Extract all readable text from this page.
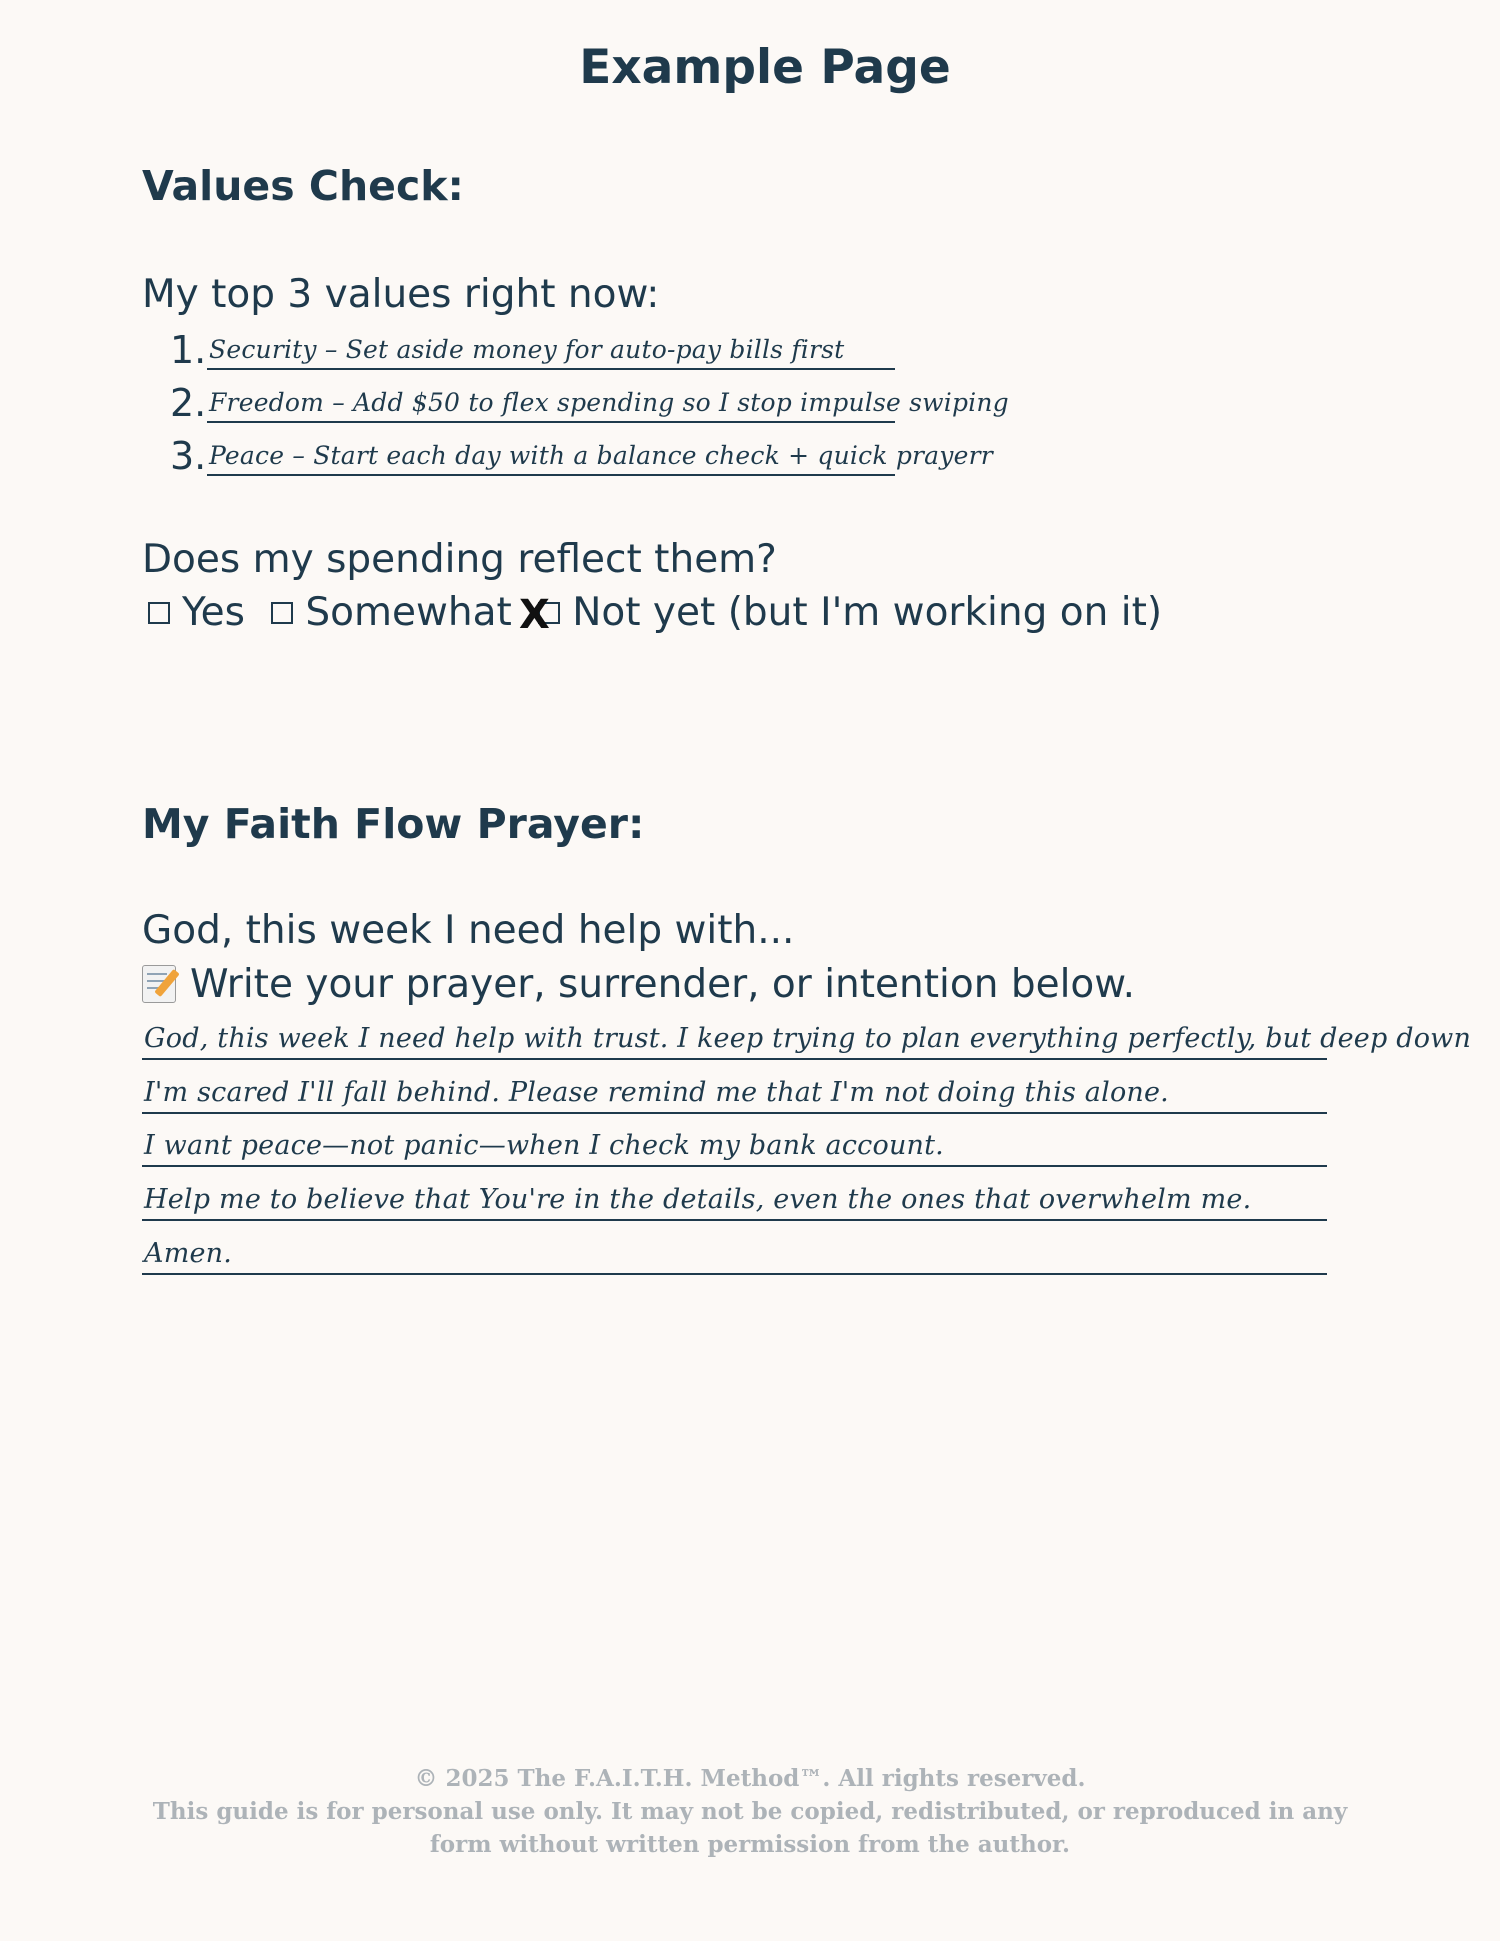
Example Page
Values Check:
My top 3 values right now:
1. Security – Set aside money for auto-pay bills first
2. Freedom – Add $50 to flex spending so I stop impulse swiping
3. Peace – Start each day with a balance check + quick prayerr
Does my spending reflect them?
Yes Somewhat Not yet (but I'm working on it)
X
My Faith Flow Prayer:
God, this week I need help with...
Write your prayer, surrender, or intention below.
God, this week I need help with trust. I keep trying to plan everything perfectly, but deep down
I'm scared I'll fall behind. Please remind me that I'm not doing this alone.
I want peace—not panic—when I check my bank account.
Help me to believe that You're in the details, even the ones that overwhelm me.
Amen.
© 2025 The F.A.I.T.H. Method™. All rights reserved.
This guide is for personal use only. It may not be copied, redistributed, or reproduced in any form without written permission from the author.
